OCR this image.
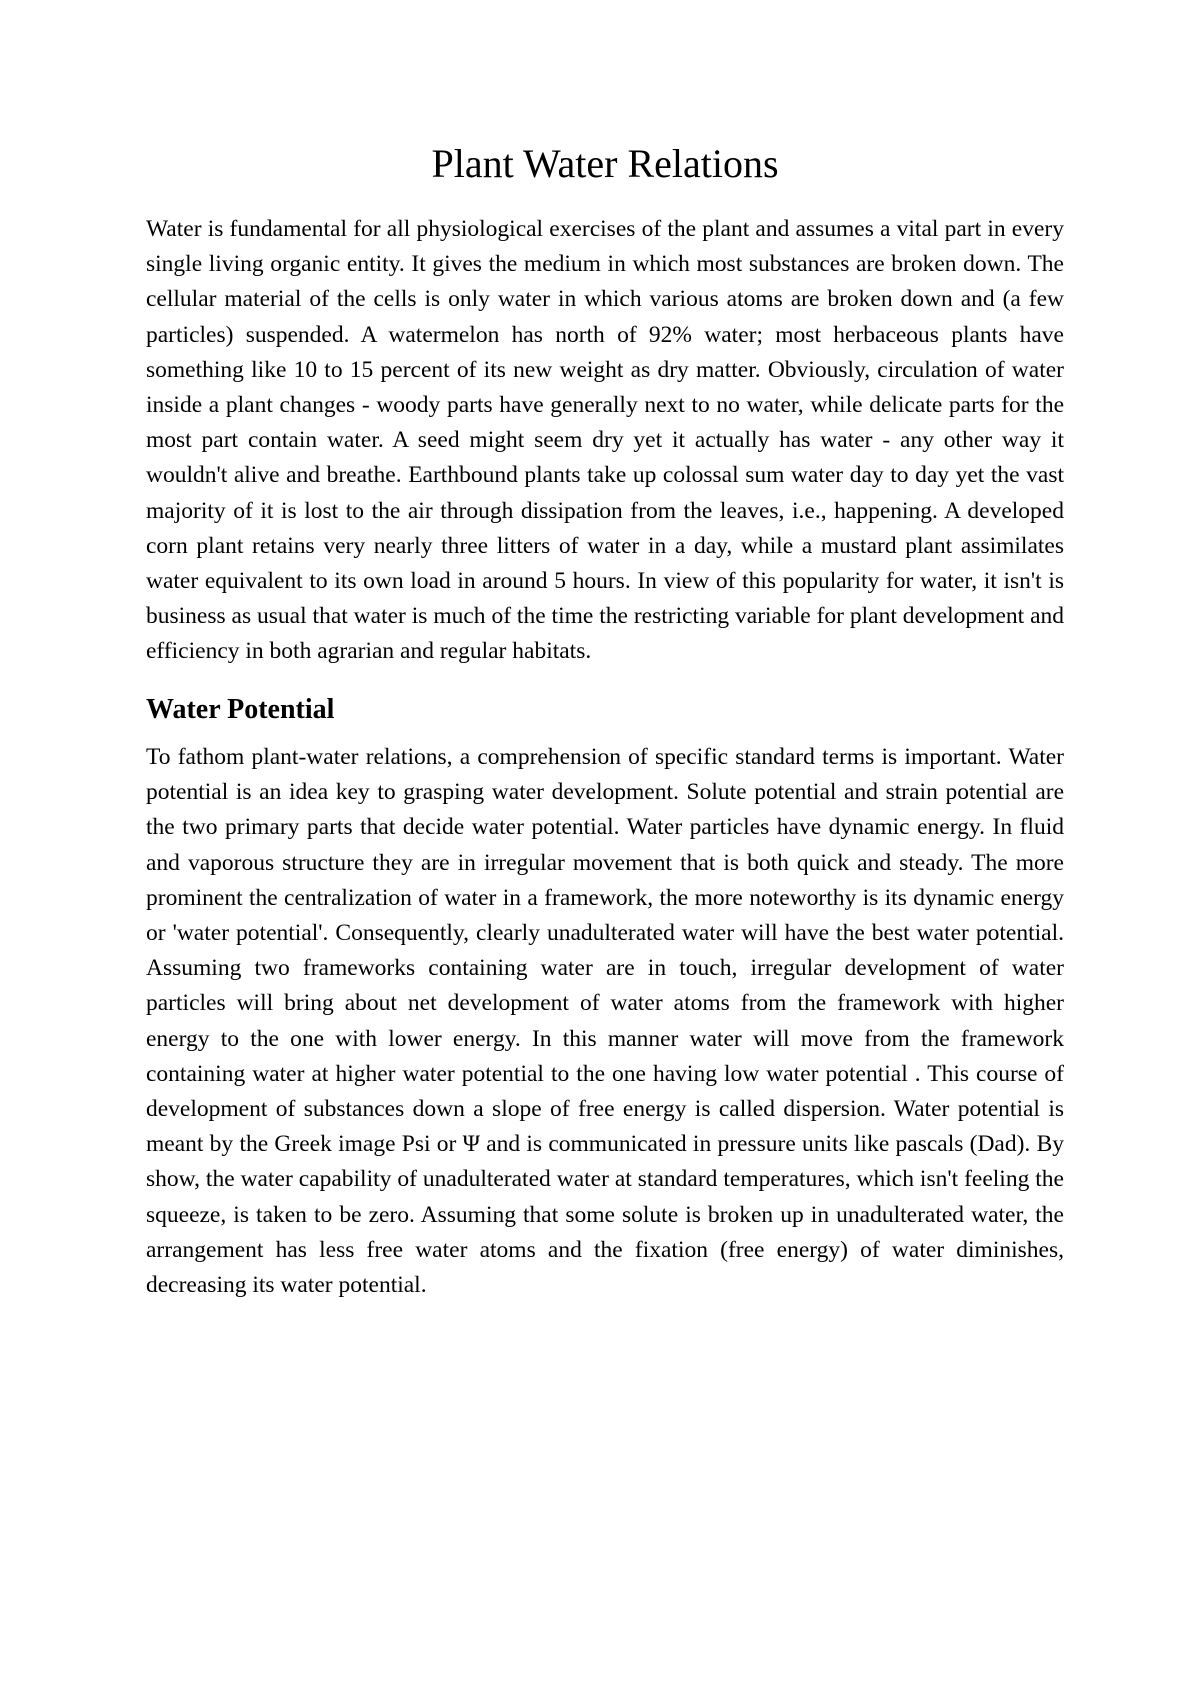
Plant Water Relations

Water is fundamental for all physiological exercises of the plant and assumes a vital part in every single living organic entity. It gives the medium in which most substances are broken down. The cellular material of the cells is only water in which various atoms are broken down and (a few particles) suspended. A watermelon has north of 92% water; most herbaceous plants have something like 10 to 15 percent of its new weight as dry matter. Obviously, circulation of water inside a plant changes - woody parts have generally next to no water, while delicate parts for the most part contain water. A seed might seem dry yet it actually has water - any other way it wouldn't alive and breathe. Earthbound plants take up colossal sum water day to day yet the vast majority of it is lost to the air through dissipation from the leaves, i.e., happening. A developed corn plant retains very nearly three litters of water in a day, while a mustard plant assimilates water equivalent to its own load in around 5 hours. In view of this popularity for water, it isn't is business as usual that water is much of the time the restricting variable for plant development and efficiency in both agrarian and regular habitats.

Water Potential

To fathom plant-water relations, a comprehension of specific standard terms is important. Water potential is an idea key to grasping water development. Solute potential and strain potential are the two primary parts that decide water potential. Water particles have dynamic energy. In fluid and vaporous structure they are in irregular movement that is both quick and steady. The more prominent the centralization of water in a framework, the more noteworthy is its dynamic energy or 'water potential'. Consequently, clearly unadulterated water will have the best water potential. Assuming two frameworks containing water are in touch, irregular development of water particles will bring about net development of water atoms from the framework with higher energy to the one with lower energy. In this manner water will move from the framework containing water at higher water potential to the one having low water potential . This course of development of substances down a slope of free energy is called dispersion. Water potential is meant by the Greek image Psi or Ψ and is communicated in pressure units like pascals (Dad). By show, the water capability of unadulterated water at standard temperatures, which isn't feeling the squeeze, is taken to be zero. Assuming that some solute is broken up in unadulterated water, the arrangement has less free water atoms and the fixation (free energy) of water diminishes, decreasing its water potential.
